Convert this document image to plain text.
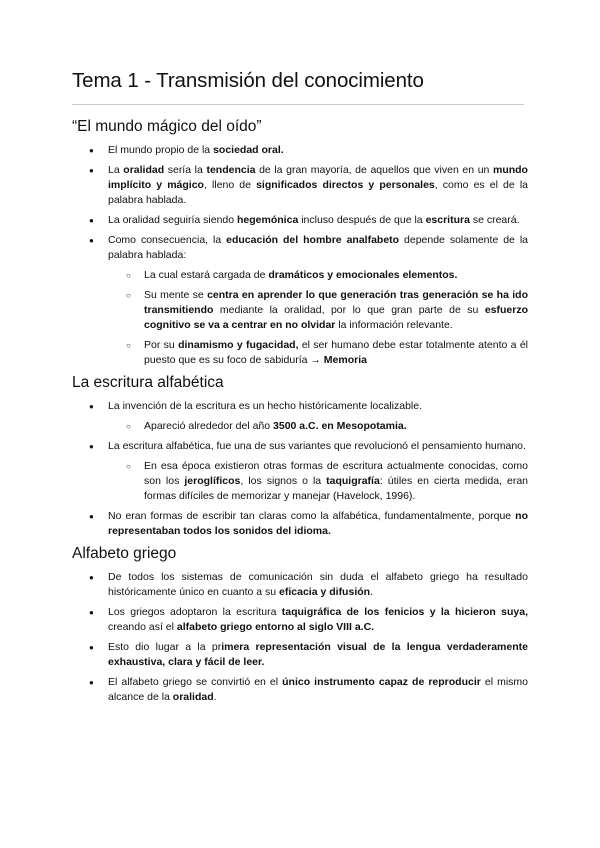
Tema 1 - Transmisión del conocimiento
“El mundo mágico del oído”
● El mundo propio de la sociedad oral.
● La oralidad sería la tendencia de la gran mayoría, de aquellos que viven en un mundo implícito y mágico, lleno de significados directos y personales, como es el de la palabra hablada.
● La oralidad seguiría siendo hegemónica incluso después de que la escritura se creará.
● Como consecuencia, la educación del hombre analfabeto depende solamente de la palabra hablada:
○ La cual estará cargada de dramáticos y emocionales elementos.
○ Su mente se centra en aprender lo que generación tras generación se ha ido transmitiendo mediante la oralidad, por lo que gran parte de su esfuerzo cognitivo se va a centrar en no olvidar la información relevante.
○ Por su dinamismo y fugacidad, el ser humano debe estar totalmente atento a él puesto que es su foco de sabiduría → Memoria
La escritura alfabética
● La invención de la escritura es un hecho históricamente localizable.
○ Apareció alrededor del año 3500 a.C. en Mesopotamia.
● La escritura alfabética, fue una de sus variantes que revolucionó el pensamiento humano.
○ En esa época existieron otras formas de escritura actualmente conocidas, como son los jeroglíficos, los signos o la taquigrafía: útiles en cierta medida, eran formas difíciles de memorizar y manejar (Havelock, 1996).
● No eran formas de escribir tan claras como la alfabética, fundamentalmente, porque no representaban todos los sonidos del idioma.
Alfabeto griego
● De todos los sistemas de comunicación sin duda el alfabeto griego ha resultado históricamente único en cuanto a su eficacia y difusión.
● Los griegos adoptaron la escritura taquigráfica de los fenicios y la hicieron suya, creando así el alfabeto griego entorno al siglo VIII a.C.
● Esto dio lugar a la primera representación visual de la lengua verdaderamente exhaustiva, clara y fácil de leer.
● El alfabeto griego se convirtió en el único instrumento capaz de reproducir el mismo alcance de la oralidad.
